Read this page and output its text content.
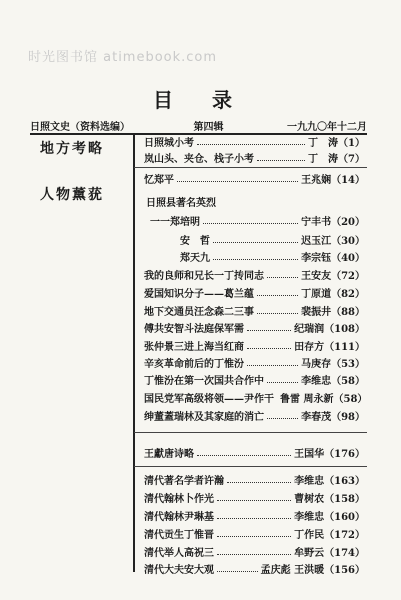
时光图书馆 atimebook.com
目 录
日照文史（资料选编）	第四辑	一九九〇年十二月
地方考略
人物薰莸
日照县著名英烈
日照城小考	丁　涛（1）
岚山头、夹仓、栈子小考	丁　涛（7）
忆郑平	王兆娴（14）
一一郑培明	宁丰书（20）
安　哲	迟玉江（30）
郑天九	李宗钰（40）
我的良师和兄长一丁抟同志	王安友（72）
爱国知识分子——葛兰蕴	丁原道（82）
地下交通员汪念森二三事	裴振井（88）
傅共安智斗法庭保军需	纪瑞润（108）
张仲景三进上海当红商	田存方（111）
辛亥革命前后的丁惟汾	马庚存（53）
丁惟汾在第一次国共合作中	李维忠（58）
国民党军高级将领——尹作干 鲁雷 周永新（58）
绅董蓋瑞林及其家庭的消亡	李春茂（98）
王獻唐诗略	王国华（176）
清代著名学者许瀚	李维忠（163）
清代翰林卜作光	曹树农（158）
清代翰林尹琳基	李维忠（160）
清代贡生丁惟晋	丁作民（172）
清代举人高祝三	牟野云（174）
清代大夫安大观	孟庆彪 王洪暖（156）
